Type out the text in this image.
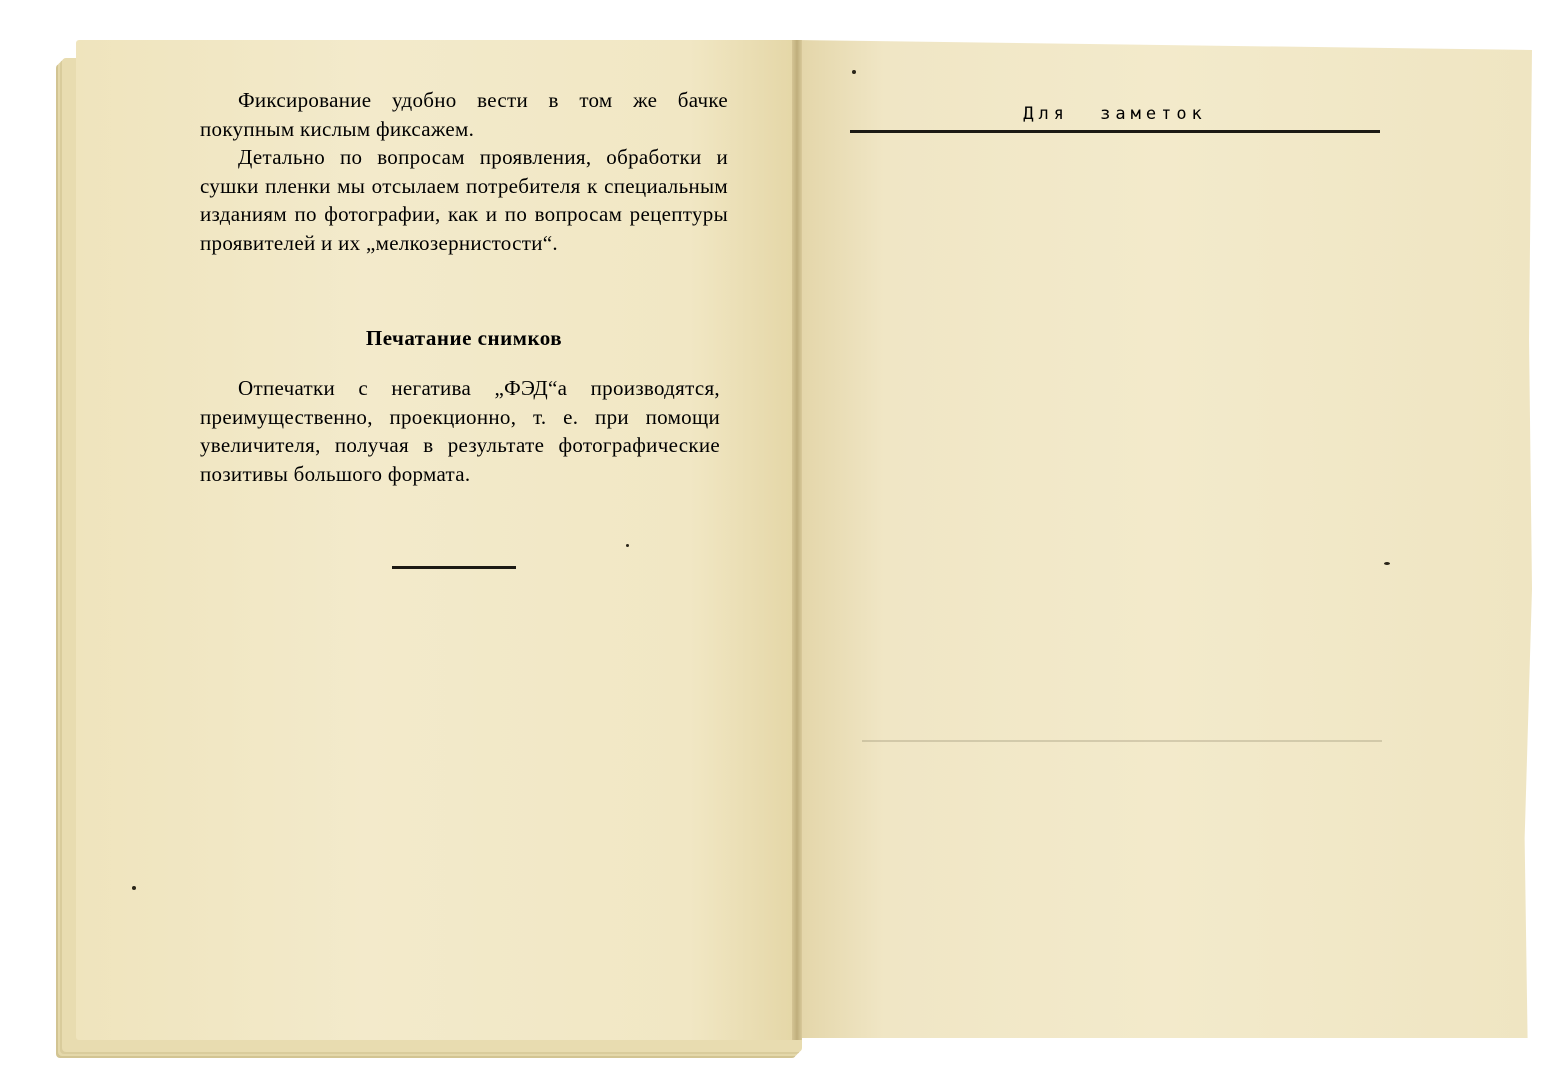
Фиксирование удобно вести в том же бачке покупным кислым фиксажем.

Детально по вопросам проявления, обработки и сушки пленки мы отсылаем потребителя к специальным изданиям по фотографии, как и по вопросам рецептуры проявителей и их „мелкозернистости“.

Печатание снимков

Отпечатки с негатива „ФЭД“а производятся, преимущественно, проекционно, т. е. при помощи увеличителя, получая в результате фотографические позитивы большого формата.

Для заметок
